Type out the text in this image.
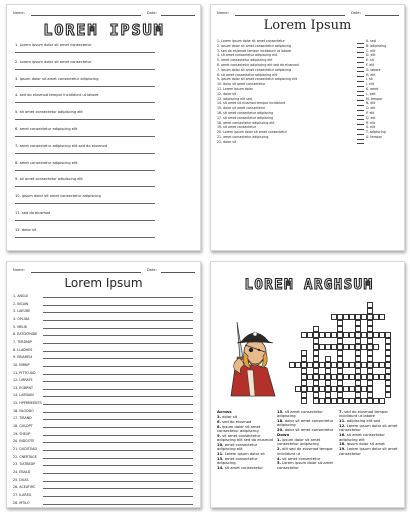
Name:	Date:
LOREM IPSUM
1. Lorem ipsum dolor sit amet consectetur
2. Lorem ipsum dolor sit amet consectetur
3. Ipsum dolor sit amet consectetur adipiscing
4. sed do eiusmod tempor incididunt ut labore
5. sit amet consectetur adipiscing elit
6. amet consectetur adipiscing elit
7. amet consectetur adipiscing elit sed do eiusmod
8. amet consectetur adipiscing elit
9. sit amet consectetur adipiscing elit
10. ipsum dolor sit amet consectetur adipiscing
11. sed do eiusmod
12. dolor sit
Name:	Date:
Lorem Ipsum
1. Lorem ipsum dolor sit amet consectetur	A. sed
2. ipsum dolor sit amet consectetur adipiscing	B. adipiscing
3. sed do eiusmod tempor incididunt ut labore	C. elit
4. sit amet consectetur adipiscing elit	D. elit
5. amet consectetur adipiscing elit	E. sit
6. amet consectetur adipiscing elit sed do eiusmod	F. elit
7. ipsum dolor sit amet consectetur adipiscing	G. labore
8. sit amet consectetur adipiscing elit	H. elit
9. ipsum dolor sit amet consectetur adipiscing elit	I. sit
10. dolor sit amet consectetur	J. elit
11. Lorem ipsum dolor	K. amet
12. dolor sit	L. sed
13. adipiscing elit sed	M. tempor
14. sit amet sit eiusmod tempor incididunt	N. elit
15. dolor sit amet consectetur	O. elit
16. sit amet consectetur adipiscing	P. elit
17. sit amet consectetur adipiscing	Q. elit
18. amet consectetur adipiscing elit	R. elit
19. sit amet consectetur	S. elit
20. Lorem ipsum dolor sit amet consectetur	T. adipiscing
21. amet consectetur adipiscing	U. tempor
22. dolor sit
Name:	Date:
Lorem Ipsum
1. ANGLE
2. INCAW
3. LAEURE
4. OPLIDA
5. MELIK
6. EATCKTNIDE
7. TERDMIP
8. LLADHES
9. EBIAREIX
10. NIRNP
11. PITTCUAD
12. LIRRATE
13. EGBRNT
14. LAEDAIN
15. HPPRMEENTS
16. NLODDO
17. TIRAND
18. GULDPT
19. SHEUP
20. INDGOTE
21. DUDITOAD
22. CNERTAGE
23. TIATBEDP
24. EBALD
25. DUAS
26. ACEATIRC
27. ILAREG
28. MTILO
LOREM ARGHSUM
Across
3. dolor sit
6. sed do eiusmod
8. ipsum dolor sit amet consectetur adipiscing
9. sit amet consectetur adipiscing elit sed do eiusmod
10. amet consectetur adipiscing elit
11. Lorem ipsum dolor sit
13. amet consectetur adipiscing
14. sit amet consectetur
15. sit amet consectetur adipiscing
18. dolor sit amet consectetur adipiscing
20. dolor sit amet consectetur
Down
1. ipsum dolor sit amet consectetur adipiscing
2. elit sed do eiusmod tempor incididunt ut
4. sit amet consectetur
5. Lorem ipsum dolor sit amet consectetur
7. sed do eiusmod tempor incididunt ut labore
11. adipiscing elit sed
12. Lorem ipsum dolor sit amet consectetur
16. sit amet consectetur adipiscing elit
18. ipsum dolor sit amet
19. Lorem ipsum dolor sit amet consectetur
